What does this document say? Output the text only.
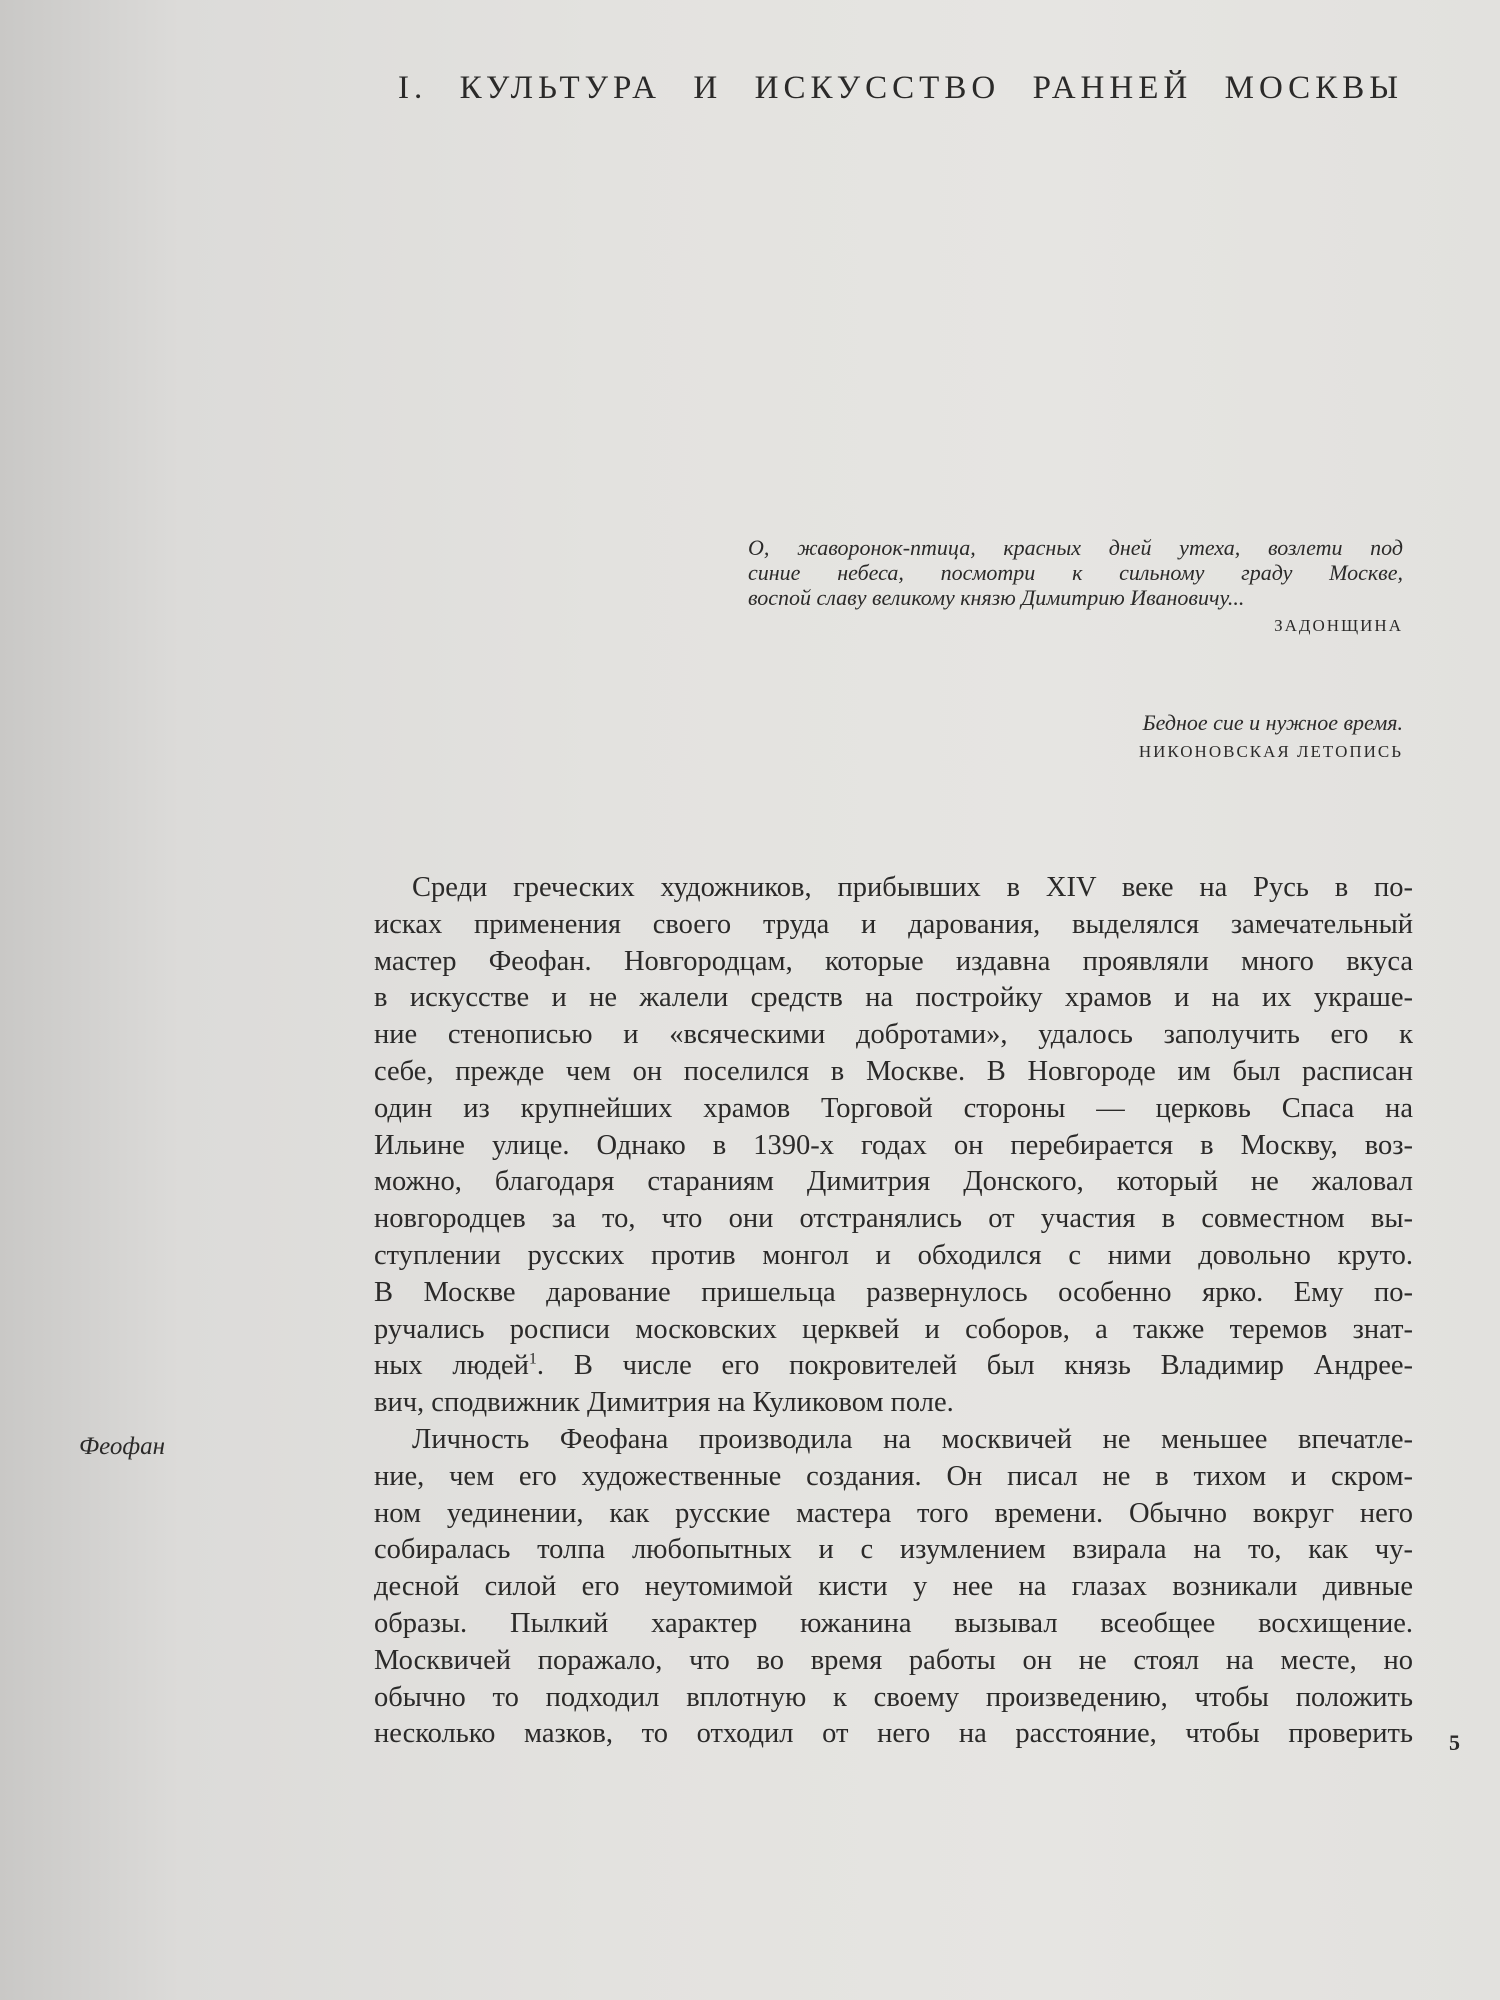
I. КУЛЬТУРА И ИСКУССТВО РАННЕЙ МОСКВЫ
О, жаворонок-птица, красных дней утеха, возлети под
синие небеса, посмотри к сильному граду Москве,
воспой славу великому князю Димитрию Ивановичу...
ЗАДОНЩИНА
Бедное сие и нужное время.
НИКОНОВСКАЯ ЛЕТОПИСЬ
Среди греческих художников, прибывших в XIV веке на Русь в по-
исках применения своего труда и дарования, выделялся замечательный
мастер Феофан. Новгородцам, которые издавна проявляли много вкуса
в искусстве и не жалели средств на постройку храмов и на их украше-
ние стенописью и «всяческими добротами», удалось заполучить его к
себе, прежде чем он поселился в Москве. В Новгороде им был расписан
один из крупнейших храмов Торговой стороны — церковь Спаса на
Ильине улице. Однако в 1390-х годах он перебирается в Москву, воз-
можно, благодаря стараниям Димитрия Донского, который не жаловал
новгородцев за то, что они отстранялись от участия в совместном вы-
ступлении русских против монгол и обходился с ними довольно круто.
В Москве дарование пришельца развернулось особенно ярко. Ему по-
ручались росписи московских церквей и соборов, а также теремов знат-
ных людей$^1$. В числе его покровителей был князь Владимир Андрее-
вич, сподвижник Димитрия на Куликовом поле.
Личность Феофана производила на москвичей не меньшее впечатле-
ние, чем его художественные создания. Он писал не в тихом и скром-
ном уединении, как русские мастера того времени. Обычно вокруг него
собиралась толпа любопытных и с изумлением взирала на то, как чу-
десной силой его неутомимой кисти у нее на глазах возникали дивные
образы. Пылкий характер южанина вызывал всеобщее восхищение.
Москвичей поражало, что во время работы он не стоял на месте, но
обычно то подходил вплотную к своему произведению, чтобы положить
несколько мазков, то отходил от него на расстояние, чтобы проверить
Феофан
5
